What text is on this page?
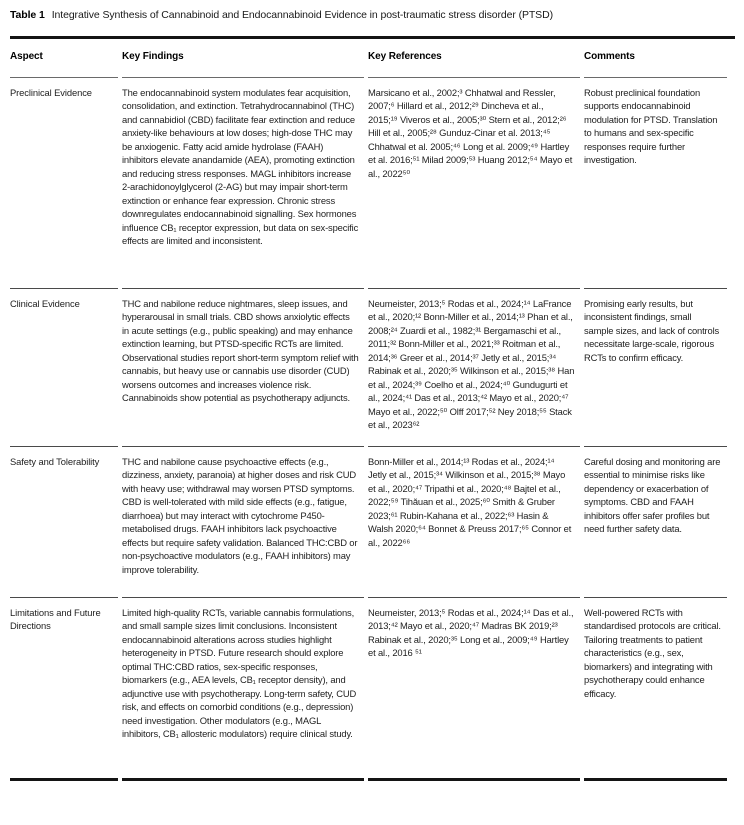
Table 1 Integrative Synthesis of Cannabinoid and Endocannabinoid Evidence in post-traumatic stress disorder (PTSD)

Aspect	Key Findings	Key References	Comments
Preclinical Evidence	The endocannabinoid system modulates fear acquisition, consolidation, and extinction. Tetrahydrocannabinol (THC) and cannabidiol (CBD) facilitate fear extinction and reduce anxiety-like behaviours at low doses; high-dose THC may be anxiogenic. Fatty acid amide hydrolase (FAAH) inhibitors elevate anandamide (AEA), promoting extinction and reducing stress responses. MAGL inhibitors increase 2-arachidonoylglycerol (2-AG) but may impair short-term extinction or enhance fear expression. Chronic stress downregulates endocannabinoid signalling. Sex hormones influence CB₁ receptor expression, but data on sex-specific effects are limited and inconsistent.	Marsicano et al., 2002;³ Chhatwal and Ressler, 2007;⁶ Hillard et al., 2012;²⁹ Dincheva et al., 2015;¹⁹ Viveros et al., 2005;³⁰ Stern et al., 2012;²⁶ Hill et al., 2005;²⁸ Gunduz-Cinar et al. 2013;⁴⁵ Chhatwal et al. 2005;⁴⁶ Long et al. 2009;⁴⁹ Hartley et al. 2016;⁵¹ Milad 2009;⁵³ Huang 2012;⁵⁴ Mayo et al., 2022⁵⁰	Robust preclinical foundation supports endocannabinoid modulation for PTSD. Translation to humans and sex-specific responses require further investigation.
Clinical Evidence	THC and nabilone reduce nightmares, sleep issues, and hyperarousal in small trials. CBD shows anxiolytic effects in acute settings (e.g., public speaking) and may enhance extinction learning, but PTSD-specific RCTs are limited. Observational studies report short-term symptom relief with cannabis, but heavy use or cannabis use disorder (CUD) worsens outcomes and increases violence risk. Cannabinoids show potential as psychotherapy adjuncts.	Neumeister, 2013;⁵ Rodas et al., 2024;¹⁴ LaFrance et al., 2020;¹² Bonn-Miller et al., 2014;¹³ Phan et al., 2008;²⁴ Zuardi et al., 1982;³¹ Bergamaschi et al., 2011;³² Bonn-Miller et al., 2021;³³ Roitman et al., 2014;³⁶ Greer et al., 2014;³⁷ Jetly et al., 2015;³⁴ Rabinak et al., 2020;³⁵ Wilkinson et al., 2015;³⁸ Han et al., 2024;³⁹ Coelho et al., 2024;⁴⁰ Gundugurti et al., 2024;⁴¹ Das et al., 2013;⁴² Mayo et al., 2020;⁴⁷ Mayo et al., 2022;⁵⁰ Olff 2017;⁵² Ney 2018;⁵⁵ Stack et al., 2023⁶²	Promising early results, but inconsistent findings, small sample sizes, and lack of controls necessitate large-scale, rigorous RCTs to confirm efficacy.
Safety and Tolerability	THC and nabilone cause psychoactive effects (e.g., dizziness, anxiety, paranoia) at higher doses and risk CUD with heavy use; withdrawal may worsen PTSD symptoms. CBD is well-tolerated with mild side effects (e.g., fatigue, diarrhoea) but may interact with cytochrome P450-metabolised drugs. FAAH inhibitors lack psychoactive effects but require safety validation. Balanced THC:CBD or non-psychoactive modulators (e.g., FAAH inhibitors) may improve tolerability.	Bonn-Miller et al., 2014;¹³ Rodas et al., 2024;¹⁴ Jetly et al., 2015;³⁴ Wilkinson et al., 2015;³⁸ Mayo et al., 2020;⁴⁷ Tripathi et al., 2020;⁴⁸ Bajtel et al., 2022;⁵⁹ Tihăuan et al., 2025;⁶⁰ Smith & Gruber 2023;⁶¹ Rubin-Kahana et al., 2022;⁶³ Hasin & Walsh 2020;⁶⁴ Bonnet & Preuss 2017;⁶⁵ Connor et al., 2022⁶⁶	Careful dosing and monitoring are essential to minimise risks like dependency or exacerbation of symptoms. CBD and FAAH inhibitors offer safer profiles but need further safety data.
Limitations and Future Directions	Limited high-quality RCTs, variable cannabis formulations, and small sample sizes limit conclusions. Inconsistent endocannabinoid alterations across studies highlight heterogeneity in PTSD. Future research should explore optimal THC:CBD ratios, sex-specific responses, biomarkers (e.g., AEA levels, CB₁ receptor density), and adjunctive use with psychotherapy. Long-term safety, CUD risk, and effects on comorbid conditions (e.g., depression) need investigation. Other modulators (e.g., MAGL inhibitors, CB₁ allosteric modulators) require clinical study.	Neumeister, 2013;⁵ Rodas et al., 2024;¹⁴ Das et al., 2013;⁴² Mayo et al., 2020;⁴⁷ Madras BK 2019;²³ Rabinak et al., 2020;³⁵ Long et al., 2009;⁴⁹ Hartley et al., 2016 ⁵¹	Well-powered RCTs with standardised protocols are critical. Tailoring treatments to patient characteristics (e.g., sex, biomarkers) and integrating with psychotherapy could enhance efficacy.
